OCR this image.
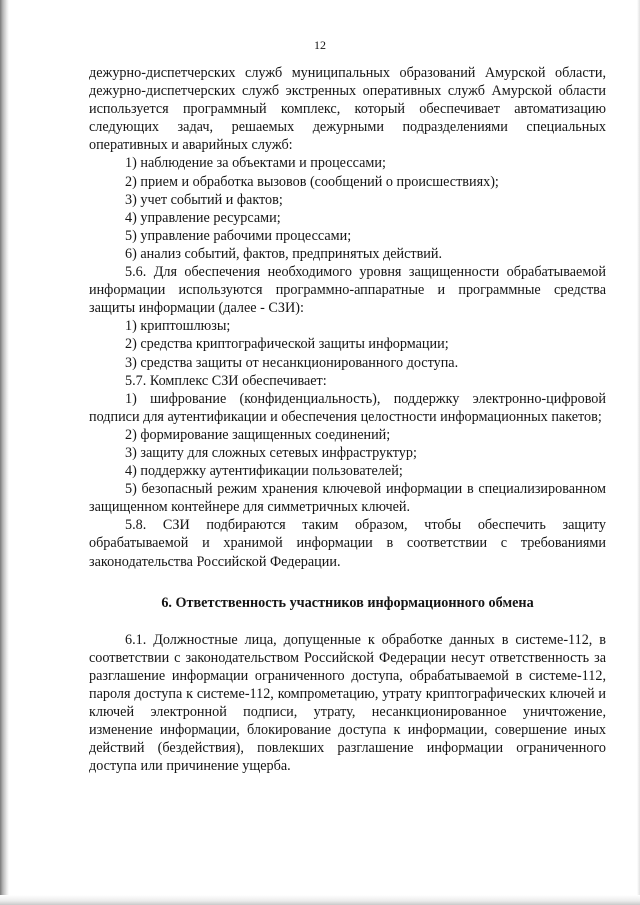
12

дежурно-диспетчерских служб муниципальных образований Амурской области, дежурно-диспетчерских служб экстренных оперативных служб Амурской области используется программный комплекс, который обеспечивает автоматизацию следующих задач, решаемых дежурными подразделениями специальных оперативных и аварийных служб:

1) наблюдение за объектами и процессами;

2) прием и обработка вызовов (сообщений о происшествиях);

3) учет событий и фактов;

4) управление ресурсами;

5) управление рабочими процессами;

6) анализ событий, фактов, предпринятых действий.

5.6. Для обеспечения необходимого уровня защищенности обрабатываемой информации используются программно-аппаратные и программные средства защиты информации (далее - СЗИ):

1) криптошлюзы;

2) средства криптографической защиты информации;

3) средства защиты от несанкционированного доступа.

5.7. Комплекс СЗИ обеспечивает:

1) шифрование (конфиденциальность), поддержку электронно-цифровой подписи для аутентификации и обеспечения целостности информационных пакетов;

2) формирование защищенных соединений;

3) защиту для сложных сетевых инфраструктур;

4) поддержку аутентификации пользователей;

5) безопасный режим хранения ключевой информации в специализированном защищенном контейнере для симметричных ключей.

5.8. СЗИ подбираются таким образом, чтобы обеспечить защиту обрабатываемой и хранимой информации в соответствии с требованиями законодательства Российской Федерации.

6. Ответственность участников информационного обмена

6.1. Должностные лица, допущенные к обработке данных в системе-112, в соответствии с законодательством Российской Федерации несут ответственность за разглашение информации ограниченного доступа, обрабатываемой в системе-112, пароля доступа к системе-112, компрометацию, утрату криптографических ключей и ключей электронной подписи, утрату, несанкционированное уничтожение, изменение информации, блокирование доступа к информации, совершение иных действий (бездействия), повлекших разглашение информации ограниченного доступа или причинение ущерба.
